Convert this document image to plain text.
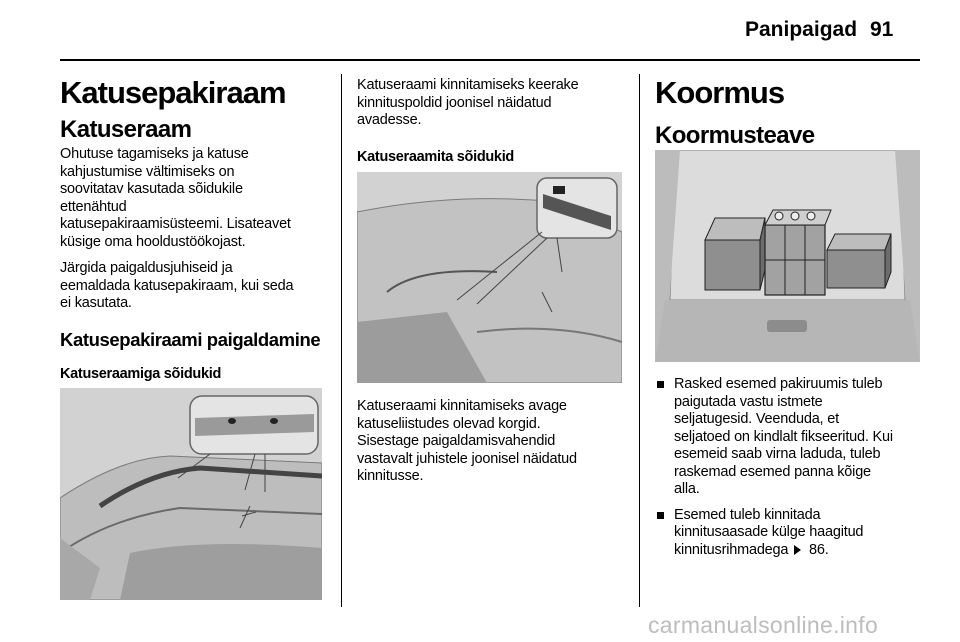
Panipaigad 91
Katusepakiraam
Katuseraam
Ohutuse tagamiseks ja katuse
kahjustumise vältimiseks on
soovitatav kasutada sõidukile
ettenähtud
katusepakiraamisüsteemi. Lisateavet
küsige oma hooldustöökojast.
Järgida paigaldusjuhiseid ja
eemaldada katusepakiraam, kui seda
ei kasutata.
Katusepakiraami paigaldamine
Katuseraamiga sõidukid
Katuseraami kinnitamiseks keerake
kinnituspoldid joonisel näidatud
avadesse.
Katuseraamita sõidukid
Katuseraami kinnitamiseks avage
katuseliistudes olevad korgid.
Sisestage paigaldamisvahendid
vastavalt juhistele joonisel näidatud
kinnitusse.
Koormus
Koormusteave
Rasked esemed pakiruumis tuleb
paigutada vastu istmete
seljatugesid. Veenduda, et
seljatoed on kindlalt fikseeritud. Kui
esemeid saab virna laduda, tuleb
raskemad esemed panna kõige
alla.
Esemed tuleb kinnitada
kinnitusaasade külge haagitud
kinnitusrihmadega 86.
carmanualsonline.info
